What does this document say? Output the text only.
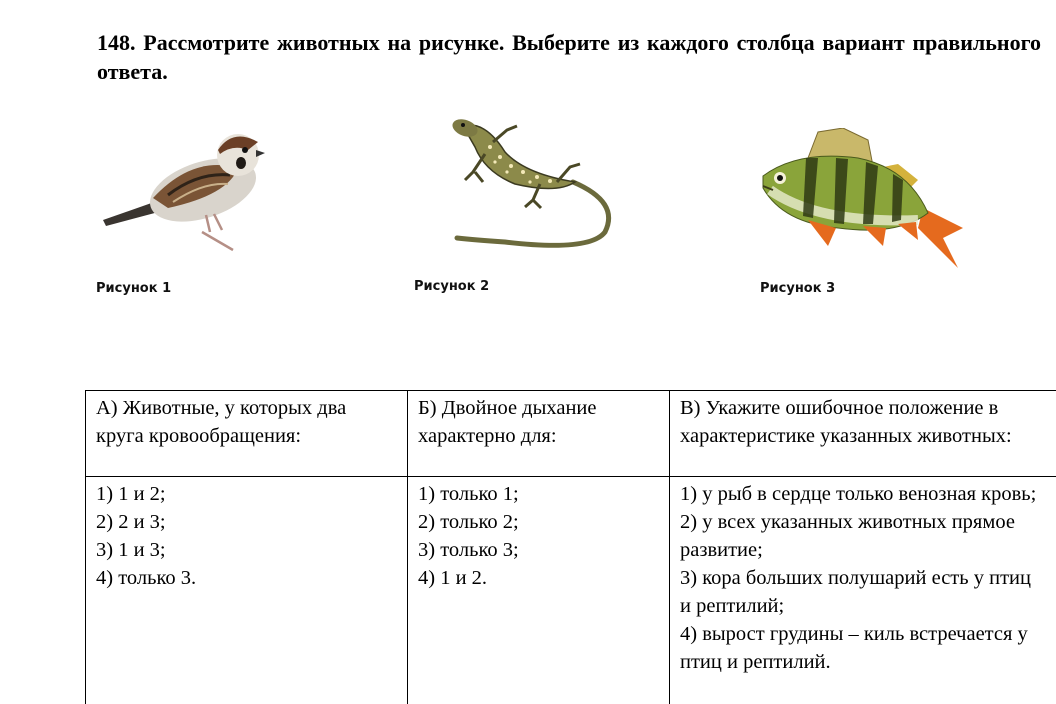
148. Рассмотрите животных на рисунке. Выберите из каждого столбца вариант правильного ответа.
Рисунок 1	Рисунок 2	Рисунок 3
А) Животные, у которых два круга кровообращения:	Б) Двойное дыхание характерно для:	В) Укажите ошибочное положение в характеристике указанных животных:

1) 1 и 2;
2) 2 и 3;
3) 1 и 3;
4) только 3.	1) только 1;
2) только 2;
3) только 3;
4) 1 и 2.	1) у рыб в сердце только венозная кровь;
2) у всех указанных животных прямое развитие;
3) кора больших полушарий есть у птиц и рептилий;
4) вырост грудины – киль встречается у птиц и рептилий.
